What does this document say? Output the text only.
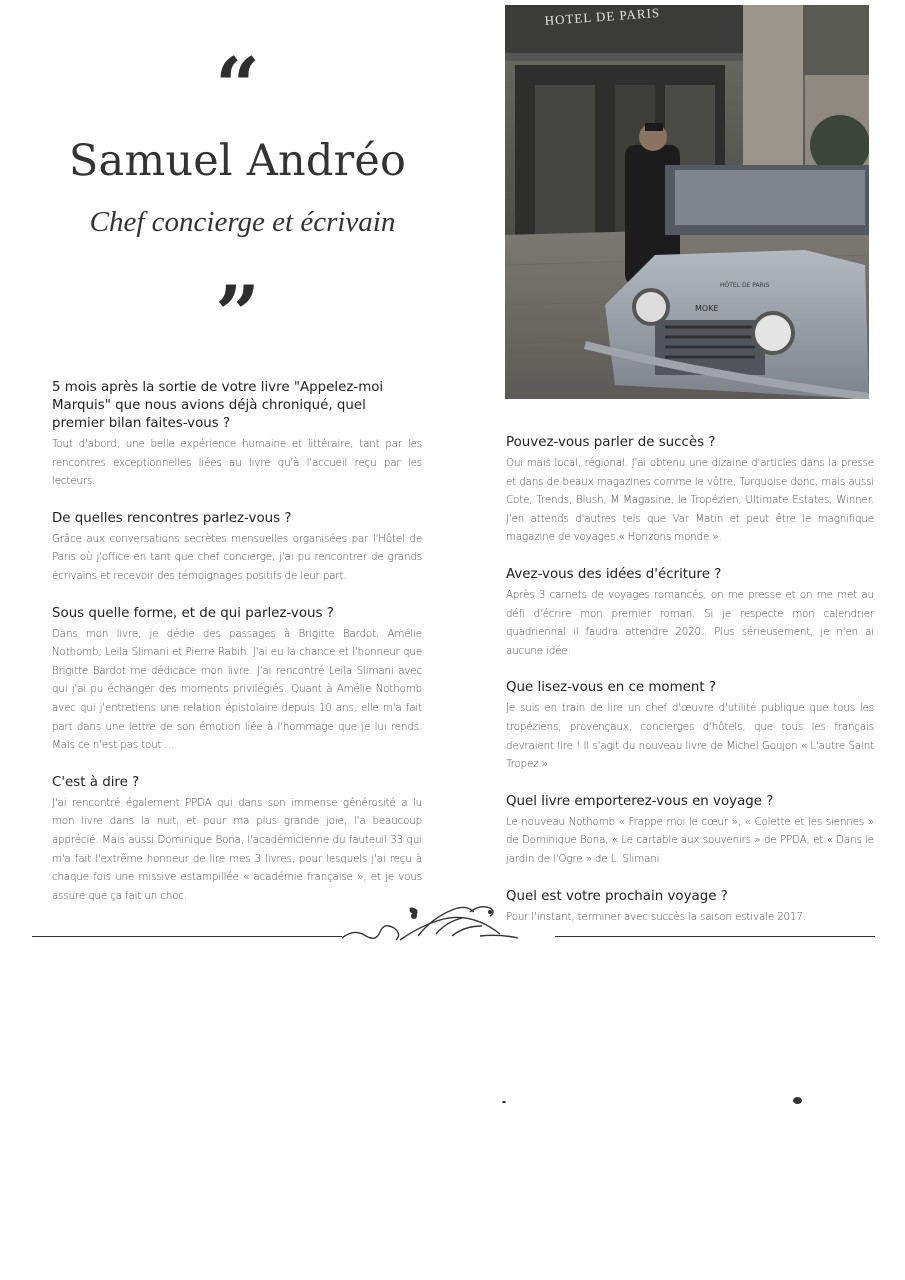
“
Samuel Andréo
Chef concierge et écrivain
”
HOTEL DE PARIS
MOKE
HÔTEL DE PARIS

5 mois après la sortie de votre livre "Appelez-moi Marquis" que nous avions déjà chroniqué, quel premier bilan faites-vous ?

Tout d'abord, une belle expérience humaine et littéraire, tant par les rencontres exceptionnelles liées au livre qu'à l'accueil reçu par les lecteurs.

De quelles rencontres parlez-vous ?

Grâce aux conversations secrètes mensuelles organisées par l'Hôtel de Paris où j'office en tant que chef concierge, j'ai pu rencontrer de grands écrivains et recevoir des témoignages positifs de leur part.

Sous quelle forme, et de qui parlez-vous ?

Dans mon livre, je dédie des passages à Brigitte Bardot, Amélie Nothomb, Leila Slimani et Pierre Rabih. J'ai eu la chance et l'honneur que Brigitte Bardot me dédicace mon livre. J'ai rencontré Leila Slimani avec qui j'ai pu échanger des moments privilégiés. Quant à Amélie Nothomb avec qui j'entretiens une relation épistolaire depuis 10 ans, elle m'a fait part dans une lettre de son émotion liée à l'hommage que je lui rends. Mais ce n'est pas tout ...

C'est à dire ?

J'ai rencontré également PPDA qui dans son immense générosité a lu mon livre dans la nuit, et pour ma plus grande joie, l'a beaucoup apprécié. Mais aussi Dominique Bona, l'académicienne du fauteuil 33 qui m'a fait l'extrême honneur de lire mes 3 livres, pour lesquels j'ai reçu à chaque fois une missive estampillée « académie française », et je vous assure que ça fait un choc.

Pouvez-vous parler de succès ?

Oui mais local, régional. J'ai obtenu une dizaine d'articles dans la presse et dans de beaux magazines comme le vôtre, Turquoise donc, mais aussi Cote, Trends, Blush, M Magasine, le Tropézien, Ultimate Estates, Winner. J'en attends d'autres tels que Var Matin et peut être le magnifique magazine de voyages « Horizons monde ».

Avez-vous des idées d'écriture ?

Après 3 carnets de voyages romancés, on me presse et on me met au défi d'écrire mon premier roman. Si je respecte mon calendrier quadriennal il faudra attendre 2020.. Plus sérieusement, je n'en ai aucune idée.

Que lisez-vous en ce moment ?

Je suis en train de lire un chef d'œuvre d'utilité publique que tous les tropéziens, provençaux, concierges d'hôtels, que tous les français devraient lire ! Il s'agit du nouveau livre de Michel Goujon « L'autre Saint Tropez »

Quel livre emporterez-vous en voyage ?

Le nouveau Nothomb « Frappe moi le cœur », « Colette et les siennes » de Dominique Bona, « Le cartable aux souvenirs » de PPDA, et « Dans le jardin de l'Ogre » de L. Slimani

Quel est votre prochain voyage ?

Pour l'instant, terminer avec succès la saison estivale 2017.
